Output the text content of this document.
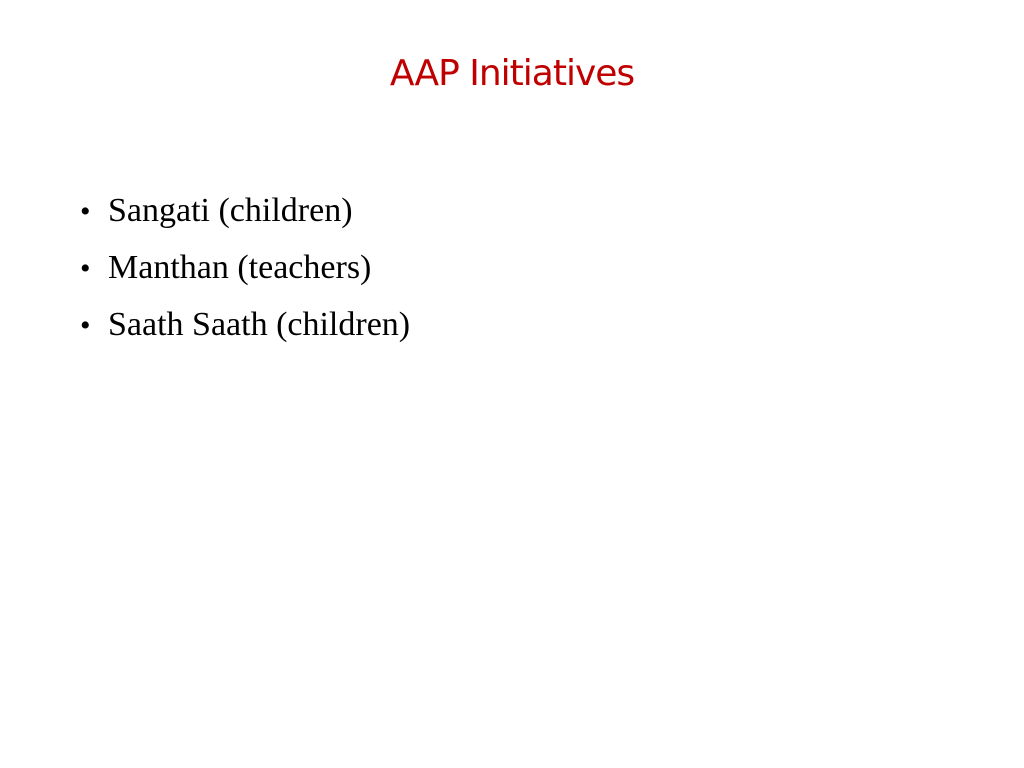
AAP Initiatives
• Sangati (children)
• Manthan (teachers)
• Saath Saath (children)
